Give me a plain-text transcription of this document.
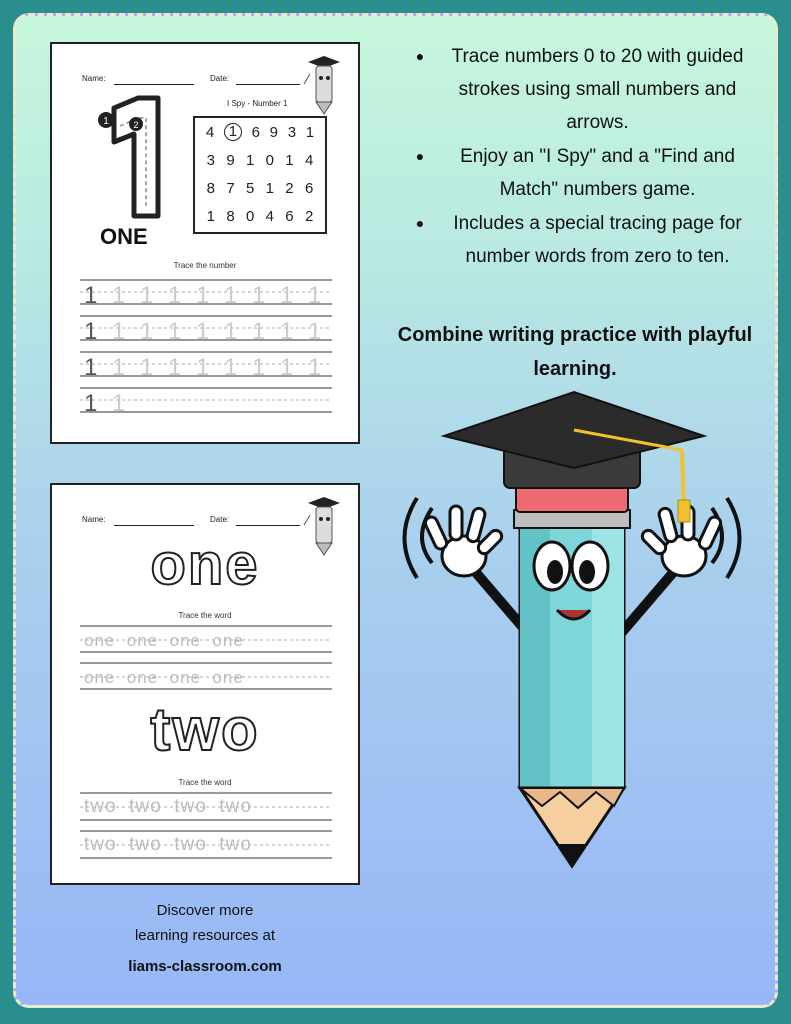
Name:	Date:
I Spy - Number 1
1	2
ONE
4 1 6 9 3 1
3 9 1 0 1 4
8 7 5 1 2 6
1 8 0 4 6 2
Trace the number
1 1 1 1 1 1 1 1 1
1 1 1 1 1 1 1 1 1
1 1 1 1 1 1 1 1 1
1 1
Name:	Date:
one
Trace the word
one  one  one  one
one  one  one  one
two
Trace the word
two  two  two  two
two  two  two  two
●	Trace numbers 0 to 20 with guided strokes using small numbers and arrows.
●	Enjoy an "I Spy" and a "Find and Match" numbers game.
●	Includes a special tracing page for number words from zero to ten.
Combine writing practice with playful learning.
Discover more
learning resources at
liams-classroom.com
